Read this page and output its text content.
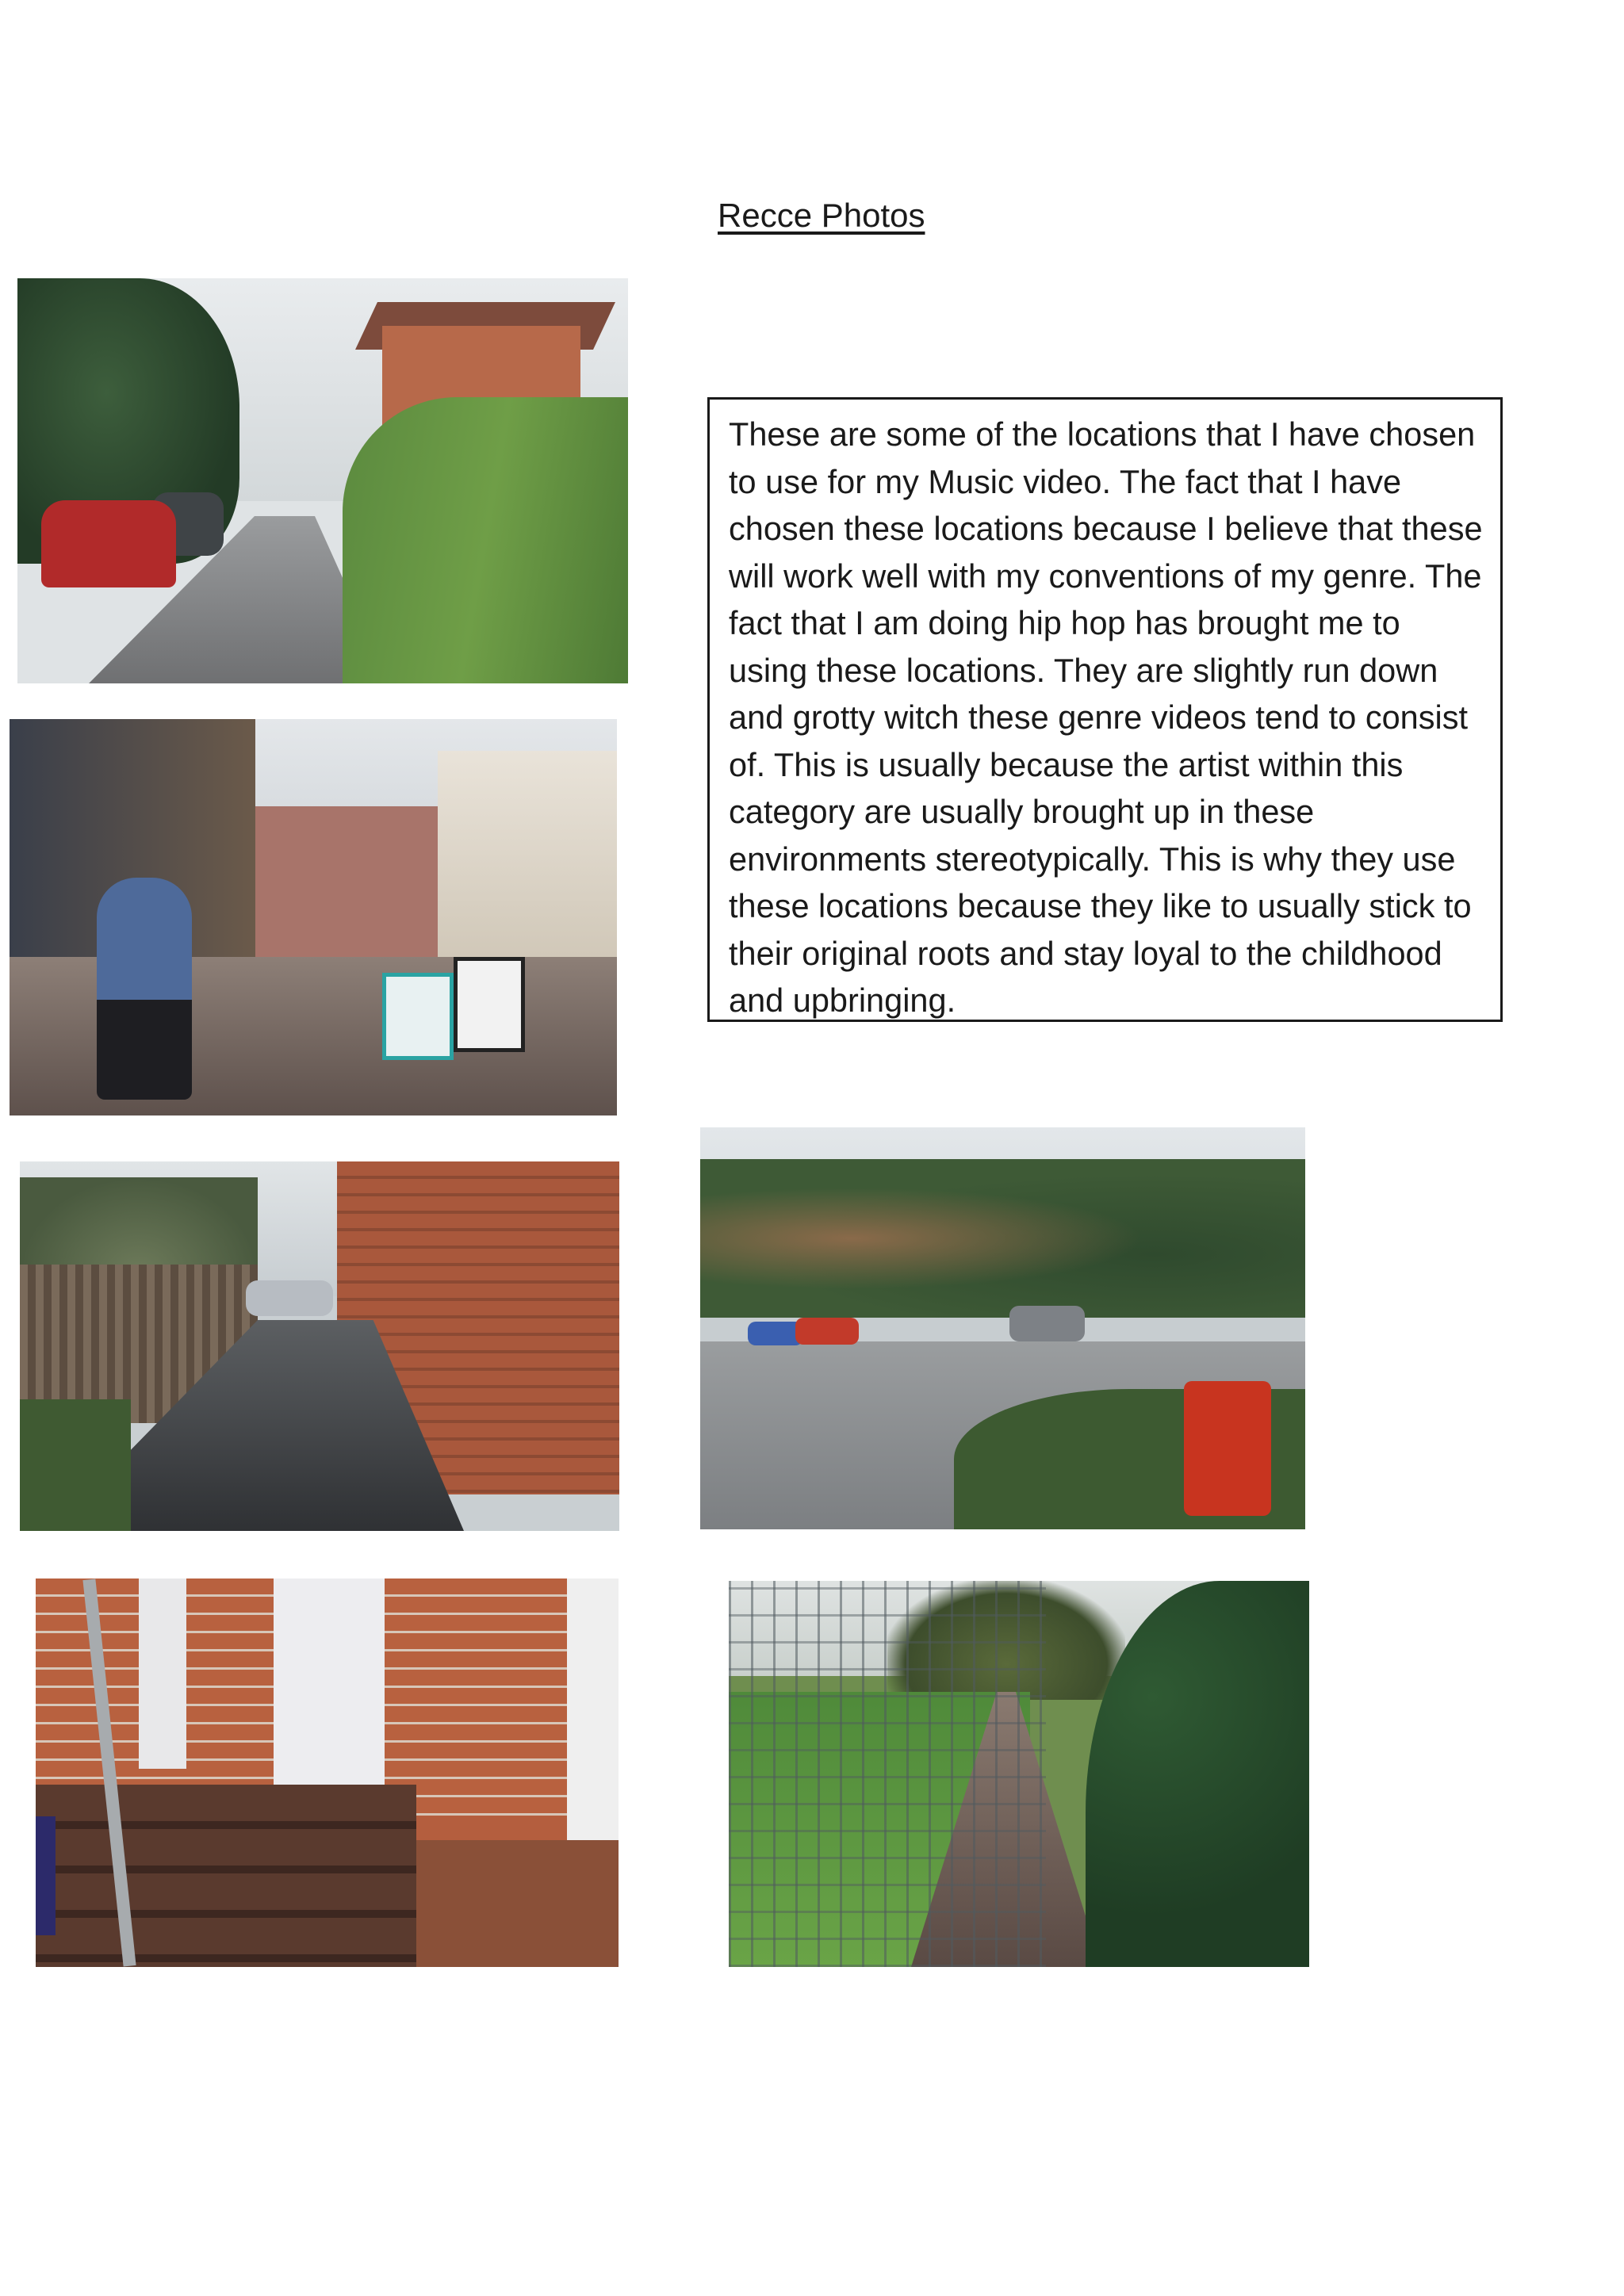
Recce Photos
These are some of the locations that I have chosen to use for my Music video. The fact that I have chosen these locations because I believe that these will work well with my conventions of my genre. The fact that I am doing hip hop has brought me to using these locations. They are slightly run down and grotty witch these genre videos tend to consist of. This is usually because the artist within this category are usually brought up in these environments stereotypically. This is why they use these locations because they like to usually stick to their original roots and stay loyal to the childhood and upbringing.
